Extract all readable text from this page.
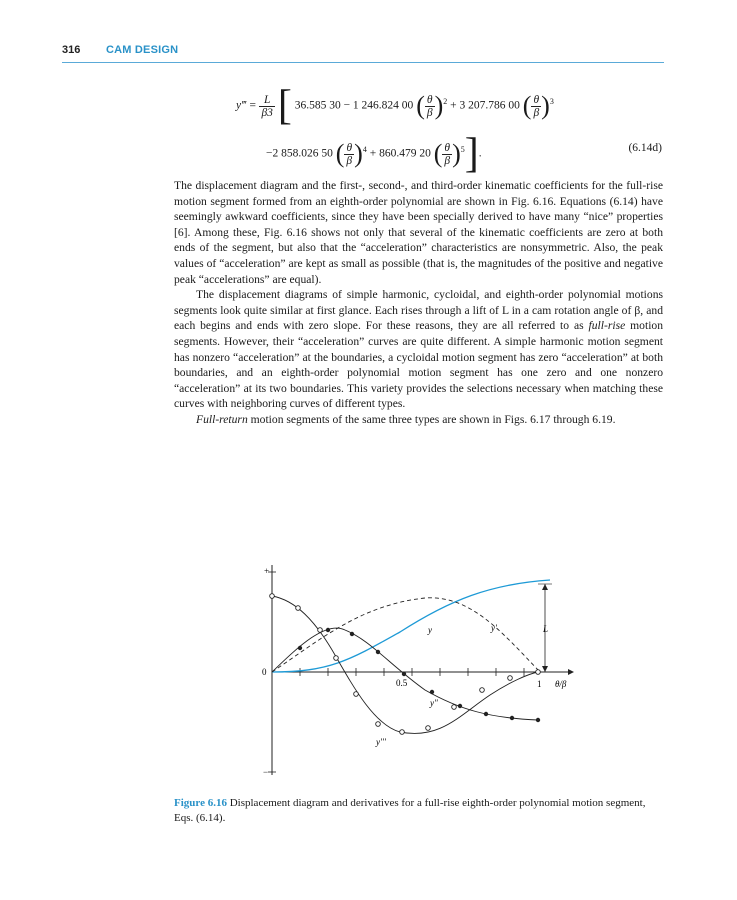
316 CAM DESIGN
y‴ = $\frac{L}{\beta 3}$ [ 36.585 30 − 1 246.824 00 ( $\frac{\theta}{\beta} )^2 + 3$ 207.786 00 ( $\frac{\theta}{\beta} )^3$
−2 858.026 50 ( $\frac{\theta}{\beta} )^4 + 860.479$ 20 ( $\frac{\theta}{\beta} )^5$].	(6.14d)

The displacement diagram and the first-, second-, and third-order kinematic coefficients for the full-rise motion segment formed from an eighth-order polynomial are shown in Fig. 6.16. Equations (6.14) have seemingly awkward coefficients, since they have been specially derived to have many “nice” properties [6]. Among these, Fig. 6.16 shows not only that several of the kinematic coefficients are zero at both ends of the segment, but also that the “acceleration” characteristics are nonsymmetric. Also, the peak values of “acceleration” are kept as small as possible (that is, the magnitudes of the positive and negative peak “accelerations” are equal).

The displacement diagrams of simple harmonic, cycloidal, and eighth-order polynomial motions segments look quite similar at first glance. Each rises through a lift of L in a cam rotation angle of β, and each begins and ends with zero slope. For these reasons, they are all referred to as full-rise motion segments. However, their “acceleration” curves are quite different. A simple harmonic motion segment has nonzero “acceleration” at the boundaries, a cycloidal motion segment has zero “acceleration” at both boundaries, and an eighth-order polynomial motion segment has one zero and one nonzero “acceleration” at its two boundaries. This variety provides the selections necessary when matching these curves with neighboring curves of different types.

Full-return motion segments of the same three types are shown in Figs. 6.17 through 6.19.

+
−
0
0.5	1 θ/β
L
y	y'
y"
y'''
Figure 6.16 Displacement diagram and derivatives for a full-rise eighth-order polynomial motion segment, Eqs. (6.14).
